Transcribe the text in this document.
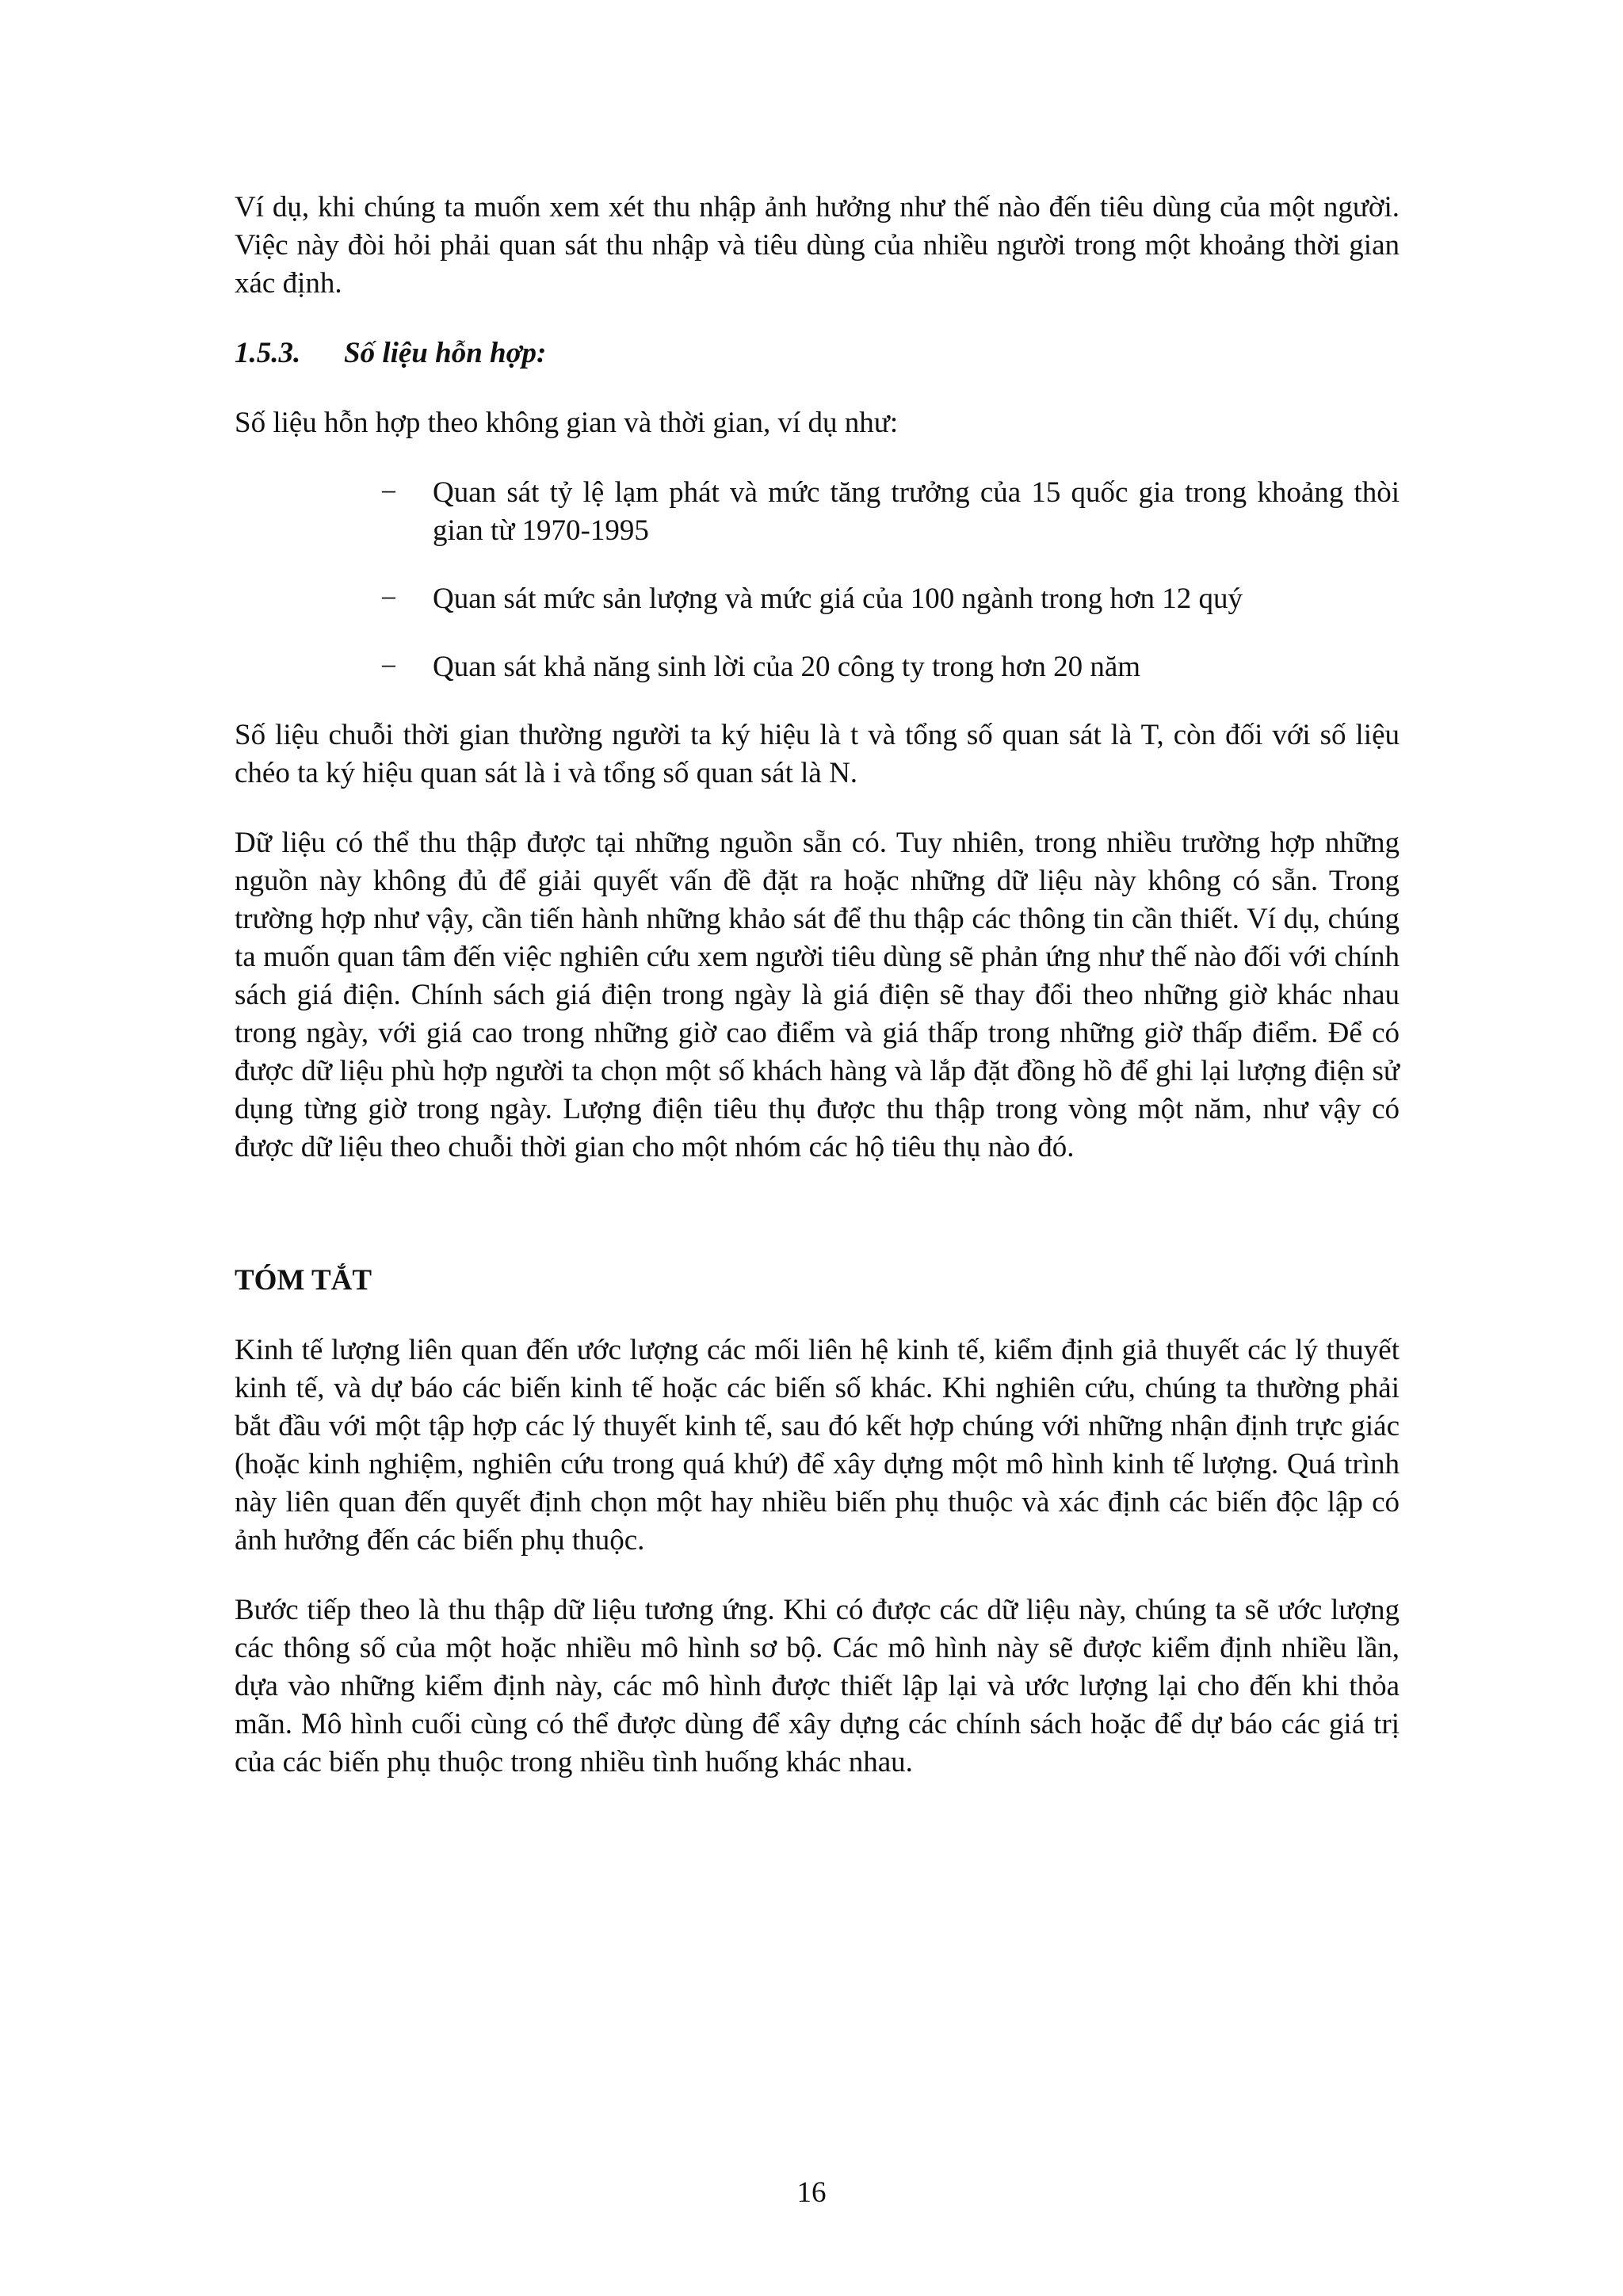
Ví dụ, khi chúng ta muốn xem xét thu nhập ảnh hưởng như thế nào đến tiêu dùng của một người. Việc này đòi hỏi phải quan sát thu nhập và tiêu dùng của nhiều người trong một khoảng thời gian xác định.

1.5.3. Số liệu hỗn hợp:

Số liệu hỗn hợp theo không gian và thời gian, ví dụ như:

− Quan sát tỷ lệ lạm phát và mức tăng trưởng của 15 quốc gia trong khoảng thòi gian từ 1970-1995

− Quan sát mức sản lượng và mức giá của 100 ngành trong hơn 12 quý

− Quan sát khả năng sinh lời của 20 công ty trong hơn 20 năm

Số liệu chuỗi thời gian thường người ta ký hiệu là t và tổng số quan sát là T, còn đối với số liệu chéo ta ký hiệu quan sát là i và tổng số quan sát là N.

Dữ liệu có thể thu thập được tại những nguồn sẵn có. Tuy nhiên, trong nhiều trường hợp những nguồn này không đủ để giải quyết vấn đề đặt ra hoặc những dữ liệu này không có sẵn. Trong trường hợp như vậy, cần tiến hành những khảo sát để thu thập các thông tin cần thiết. Ví dụ, chúng ta muốn quan tâm đến việc nghiên cứu xem người tiêu dùng sẽ phản ứng như thế nào đối với chính sách giá điện. Chính sách giá điện trong ngày là giá điện sẽ thay đổi theo những giờ khác nhau trong ngày, với giá cao trong những giờ cao điểm và giá thấp trong những giờ thấp điểm. Để có được dữ liệu phù hợp người ta chọn một số khách hàng và lắp đặt đồng hồ để ghi lại lượng điện sử dụng từng giờ trong ngày. Lượng điện tiêu thụ được thu thập trong vòng một năm, như vậy có được dữ liệu theo chuỗi thời gian cho một nhóm các hộ tiêu thụ nào đó.

TÓM TẮT

Kinh tế lượng liên quan đến ước lượng các mối liên hệ kinh tế, kiểm định giả thuyết các lý thuyết kinh tế, và dự báo các biến kinh tế hoặc các biến số khác. Khi nghiên cứu, chúng ta thường phải bắt đầu với một tập hợp các lý thuyết kinh tế, sau đó kết hợp chúng với những nhận định trực giác (hoặc kinh nghiệm, nghiên cứu trong quá khứ) để xây dựng một mô hình kinh tế lượng. Quá trình này liên quan đến quyết định chọn một hay nhiều biến phụ thuộc và xác định các biến độc lập có ảnh hưởng đến các biến phụ thuộc.

Bước tiếp theo là thu thập dữ liệu tương ứng. Khi có được các dữ liệu này, chúng ta sẽ ước lượng các thông số của một hoặc nhiều mô hình sơ bộ. Các mô hình này sẽ được kiểm định nhiều lần, dựa vào những kiểm định này, các mô hình được thiết lập lại và ước lượng lại cho đến khi thỏa mãn. Mô hình cuối cùng có thể được dùng để xây dựng các chính sách hoặc để dự báo các giá trị của các biến phụ thuộc trong nhiều tình huống khác nhau.

16
